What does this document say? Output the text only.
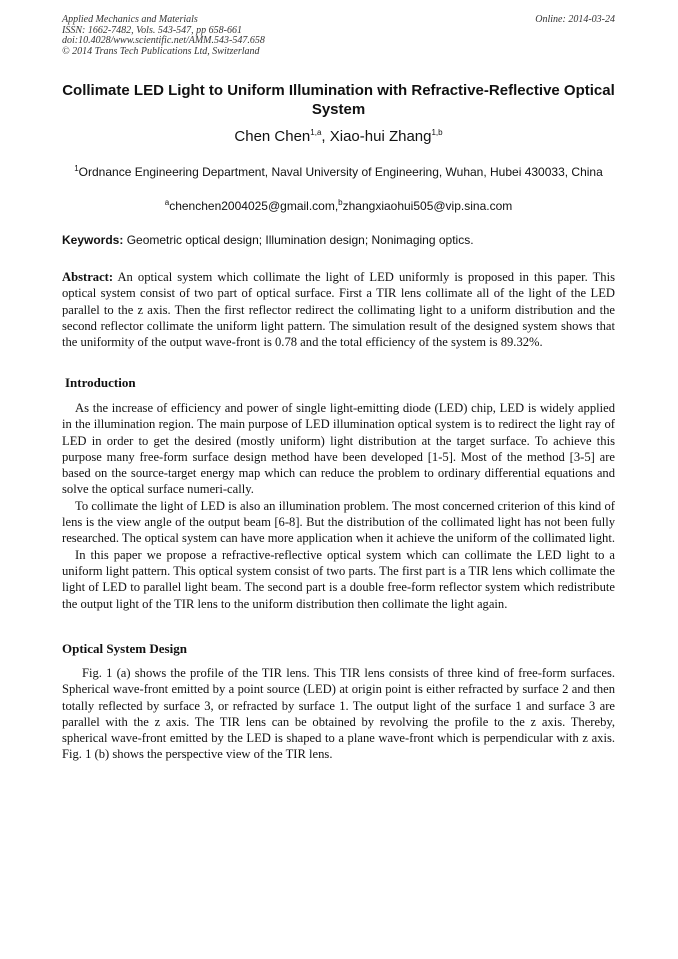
Applied Mechanics and Materials
ISSN: 1662-7482, Vols. 543-547, pp 658-661
doi:10.4028/www.scientific.net/AMM.543-547.658
© 2014 Trans Tech Publications Ltd, Switzerland
Online: 2014-03-24
Collimate LED Light to Uniform Illumination with Refractive-Reflective Optical System
Chen Chen$^{1,a}$, Xiao-hui Zhang$^{1,b}$
$^1$Ordnance Engineering Department, Naval University of Engineering, Wuhan, Hubei 430033, China
$^a$chenchen2004025@gmail.com,$^b$zhangxiaohui505@vip.sina.com
Keywords: Geometric optical design; Illumination design; Nonimaging optics.

Abstract: An optical system which collimate the light of LED uniformly is proposed in this paper. This optical system consist of two part of optical surface. First a TIR lens collimate all of the light of the LED parallel to the z axis. Then the first reflector redirect the collimating light to a uniform distribution and the second reflector collimate the uniform light pattern. The simulation result of the designed system shows that the uniformity of the output wave-front is 0.78 and the total efficiency of the system is 89.32%.

Introduction

As the increase of efficiency and power of single light-emitting diode (LED) chip, LED is widely applied in the illumination region. The main purpose of LED illumination optical system is to redirect the light ray of LED in order to get the desired (mostly uniform) light distribution at the target surface. To achieve this purpose many free-form surface design method have been developed [1-5]. Most of the method [3-5] are based on the source-target energy map which can reduce the problem to ordinary differential equations and solve the optical surface numeri-cally.

To collimate the light of LED is also an illumination problem. The most concerned criterion of this kind of lens is the view angle of the output beam [6-8]. But the distribution of the collimated light has not been fully researched. The optical system can have more application when it achieve the uniform of the collimated light.

In this paper we propose a refractive-reflective optical system which can collimate the LED light to a uniform light pattern. This optical system consist of two parts. The first part is a TIR lens which collimate the light of LED to parallel light beam. The second part is a double free-form reflector system which redistribute the output light of the TIR lens to the uniform distribution then collimate the light again.

Optical System Design

Fig. 1 (a) shows the profile of the TIR lens. This TIR lens consists of three kind of free-form surfaces. Spherical wave-front emitted by a point source (LED) at origin point is either refracted by surface 2 and then totally reflected by surface 3, or refracted by surface 1. The output light of the surface 1 and surface 3 are parallel with the z axis. The TIR lens can be obtained by revolving the profile to the z axis. Thereby, spherical wave-front emitted by the LED is shaped to a plane wave-front which is perpendicular with z axis. Fig. 1 (b) shows the perspective view of the TIR lens.
